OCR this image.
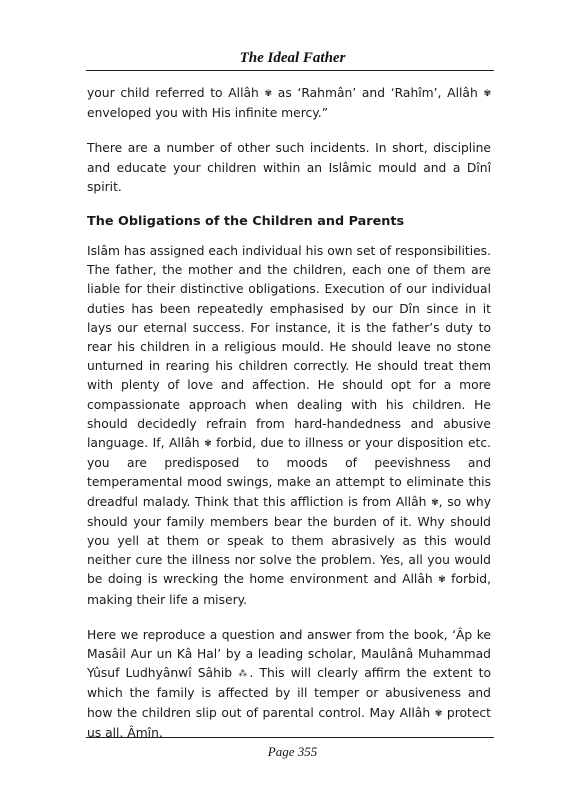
The Ideal Father

your child referred to Allâh ✾ as ‘Rahmân’ and ‘Rahîm’, Allâh ✾ enveloped you with His infinite mercy.”

There are a number of other such incidents. In short, discipline and educate your children within an Islâmic mould and a Dînî spirit.

The Obligations of the Children and Parents

Islâm has assigned each individual his own set of responsibilities. The father, the mother and the children, each one of them are liable for their distinctive obligations. Execution of our individual duties has been repeatedly emphasised by our Dîn since in it lays our eternal success. For instance, it is the father’s duty to rear his children in a religious mould. He should leave no stone unturned in rearing his children correctly. He should treat them with plenty of love and affection. He should opt for a more compassionate approach when dealing with his children. He should decidedly refrain from hard-handedness and abusive language. If, Allâh ✾ forbid, due to illness or your disposition etc. you are predisposed to moods of peevishness and temperamental mood swings, make an attempt to eliminate this dreadful malady. Think that this affliction is from Allâh ✾, so why should your family members bear the burden of it. Why should you yell at them or speak to them abrasively as this would neither cure the illness nor solve the problem. Yes, all you would be doing is wrecking the home environment and Allâh ✾ forbid, making their life a misery.

Here we reproduce a question and answer from the book, ‘Âp ke Masâil Aur un Kâ Hal’ by a leading scholar, Maulânâ Muhammad Yûsuf Ludhyânwî Sâhib ⁂. This will clearly affirm the extent to which the family is affected by ill temper or abusiveness and how the children slip out of parental control. May Allâh ✾ protect us all. Âmîn.

Page 355
